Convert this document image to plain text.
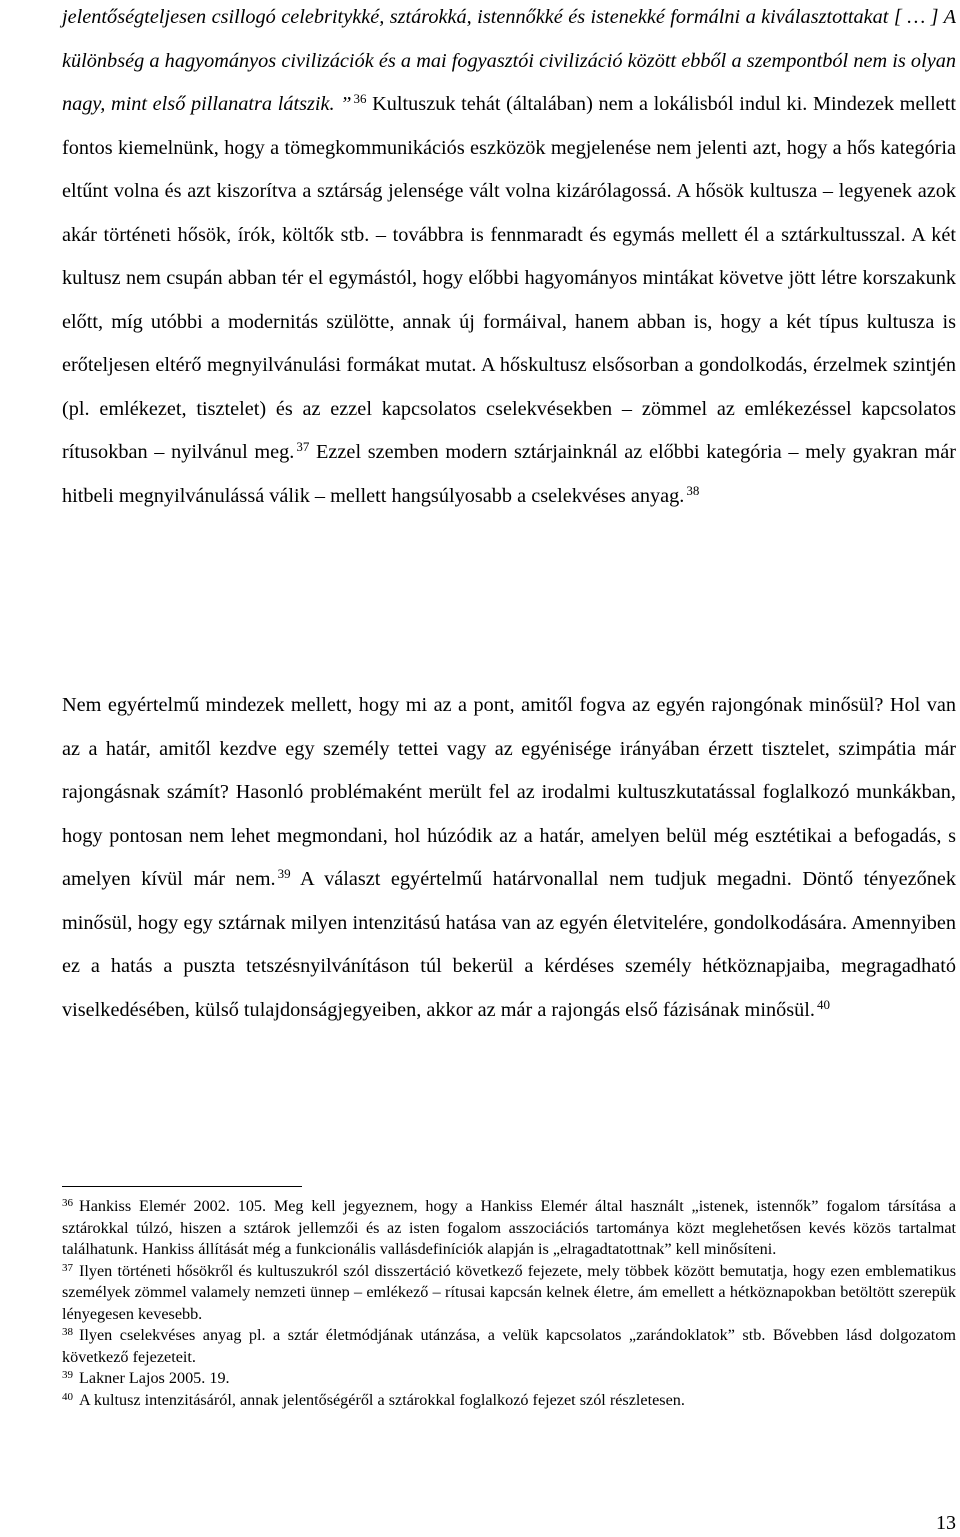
jelentőségteljesen csillogó celebritykké, sztárokká, istennőkké és istenekké formálni a kiválasztottakat [ … ] A különbség a hagyományos civilizációk és a mai fogyasztói civilizáció között ebből a szempontból nem is olyan nagy, mint első pillanatra látszik. ” $^{36}$ Kultuszuk tehát (általában) nem a lokálisból indul ki. Mindezek mellett fontos kiemelnünk, hogy a tömegkommunikációs eszközök megjelenése nem jelenti azt, hogy a hős kategória eltűnt volna és azt kiszorítva a sztárság jelensége vált volna kizárólagossá. A hősök kultusza – legyenek azok akár történeti hősök, írók, költők stb. – továbbra is fennmaradt és egymás mellett él a sztárkultusszal. A két kultusz nem csupán abban tér el egymástól, hogy előbbi hagyományos mintákat követve jött létre korszakunk előtt, míg utóbbi a modernitás szülötte, annak új formáival, hanem abban is, hogy a két típus kultusza is erőteljesen eltérő megnyilvánulási formákat mutat. A hőskultusz elsősorban a gondolkodás, érzelmek szintjén (pl. emlékezet, tisztelet) és az ezzel kapcsolatos cselekvésekben – zömmel az emlékezéssel kapcsolatos rítusokban – nyilvánul meg. $^{37}$ Ezzel szemben modern sztárjainknál az előbbi kategória – mely gyakran már hitbeli megnyilvánulássá válik – mellett hangsúlyosabb a cselekvéses anyag. $^{38}$

Nem egyértelmű mindezek mellett, hogy mi az a pont, amitől fogva az egyén rajongónak minősül? Hol van az a határ, amitől kezdve egy személy tettei vagy az egyénisége irányában érzett tisztelet, szimpátia már rajongásnak számít? Hasonló problémaként merült fel az irodalmi kultuszkutatással foglalkozó munkákban, hogy pontosan nem lehet megmondani, hol húzódik az a határ, amelyen belül még esztétikai a befogadás, s amelyen kívül már nem. $^{39}$ A választ egyértelmű határvonallal nem tudjuk megadni. Döntő tényezőnek minősül, hogy egy sztárnak milyen intenzitású hatása van az egyén életvitelére, gondolkodására. Amennyiben ez a hatás a puszta tetszésnyilvánításon túl bekerül a kérdéses személy hétköznapjaiba, megragadható viselkedésében, külső tulajdonságjegyeiben, akkor az már a rajongás első fázisának minősül. $^{40}$

$^{36}$ Hankiss Elemér 2002. 105. Meg kell jegyeznem, hogy a Hankiss Elemér által használt „istenek, istennők” fogalom társítása a sztárokkal túlzó, hiszen a sztárok jellemzői és az isten fogalom asszociációs tartománya közt meglehetősen kevés közös tartalmat találhatunk. Hankiss állítását még a funkcionális vallásdefiníciók alapján is „elragadtatottnak” kell minősíteni.

$^{37}$ Ilyen történeti hősökről és kultuszukról szól disszertáció következő fejezete, mely többek között bemutatja, hogy ezen emblematikus személyek zömmel valamely nemzeti ünnep – emlékező – rítusai kapcsán kelnek életre, ám emellett a hétköznapokban betöltött szerepük lényegesen kevesebb.

$^{38}$ Ilyen cselekvéses anyag pl. a sztár életmódjának utánzása, a velük kapcsolatos „zarándoklatok” stb. Bővebben lásd dolgozatom következő fejezeteit.

$^{39}$ Lakner Lajos 2005. 19.

$^{40}$ A kultusz intenzitásáról, annak jelentőségéről a sztárokkal foglalkozó fejezet szól részletesen.

13
